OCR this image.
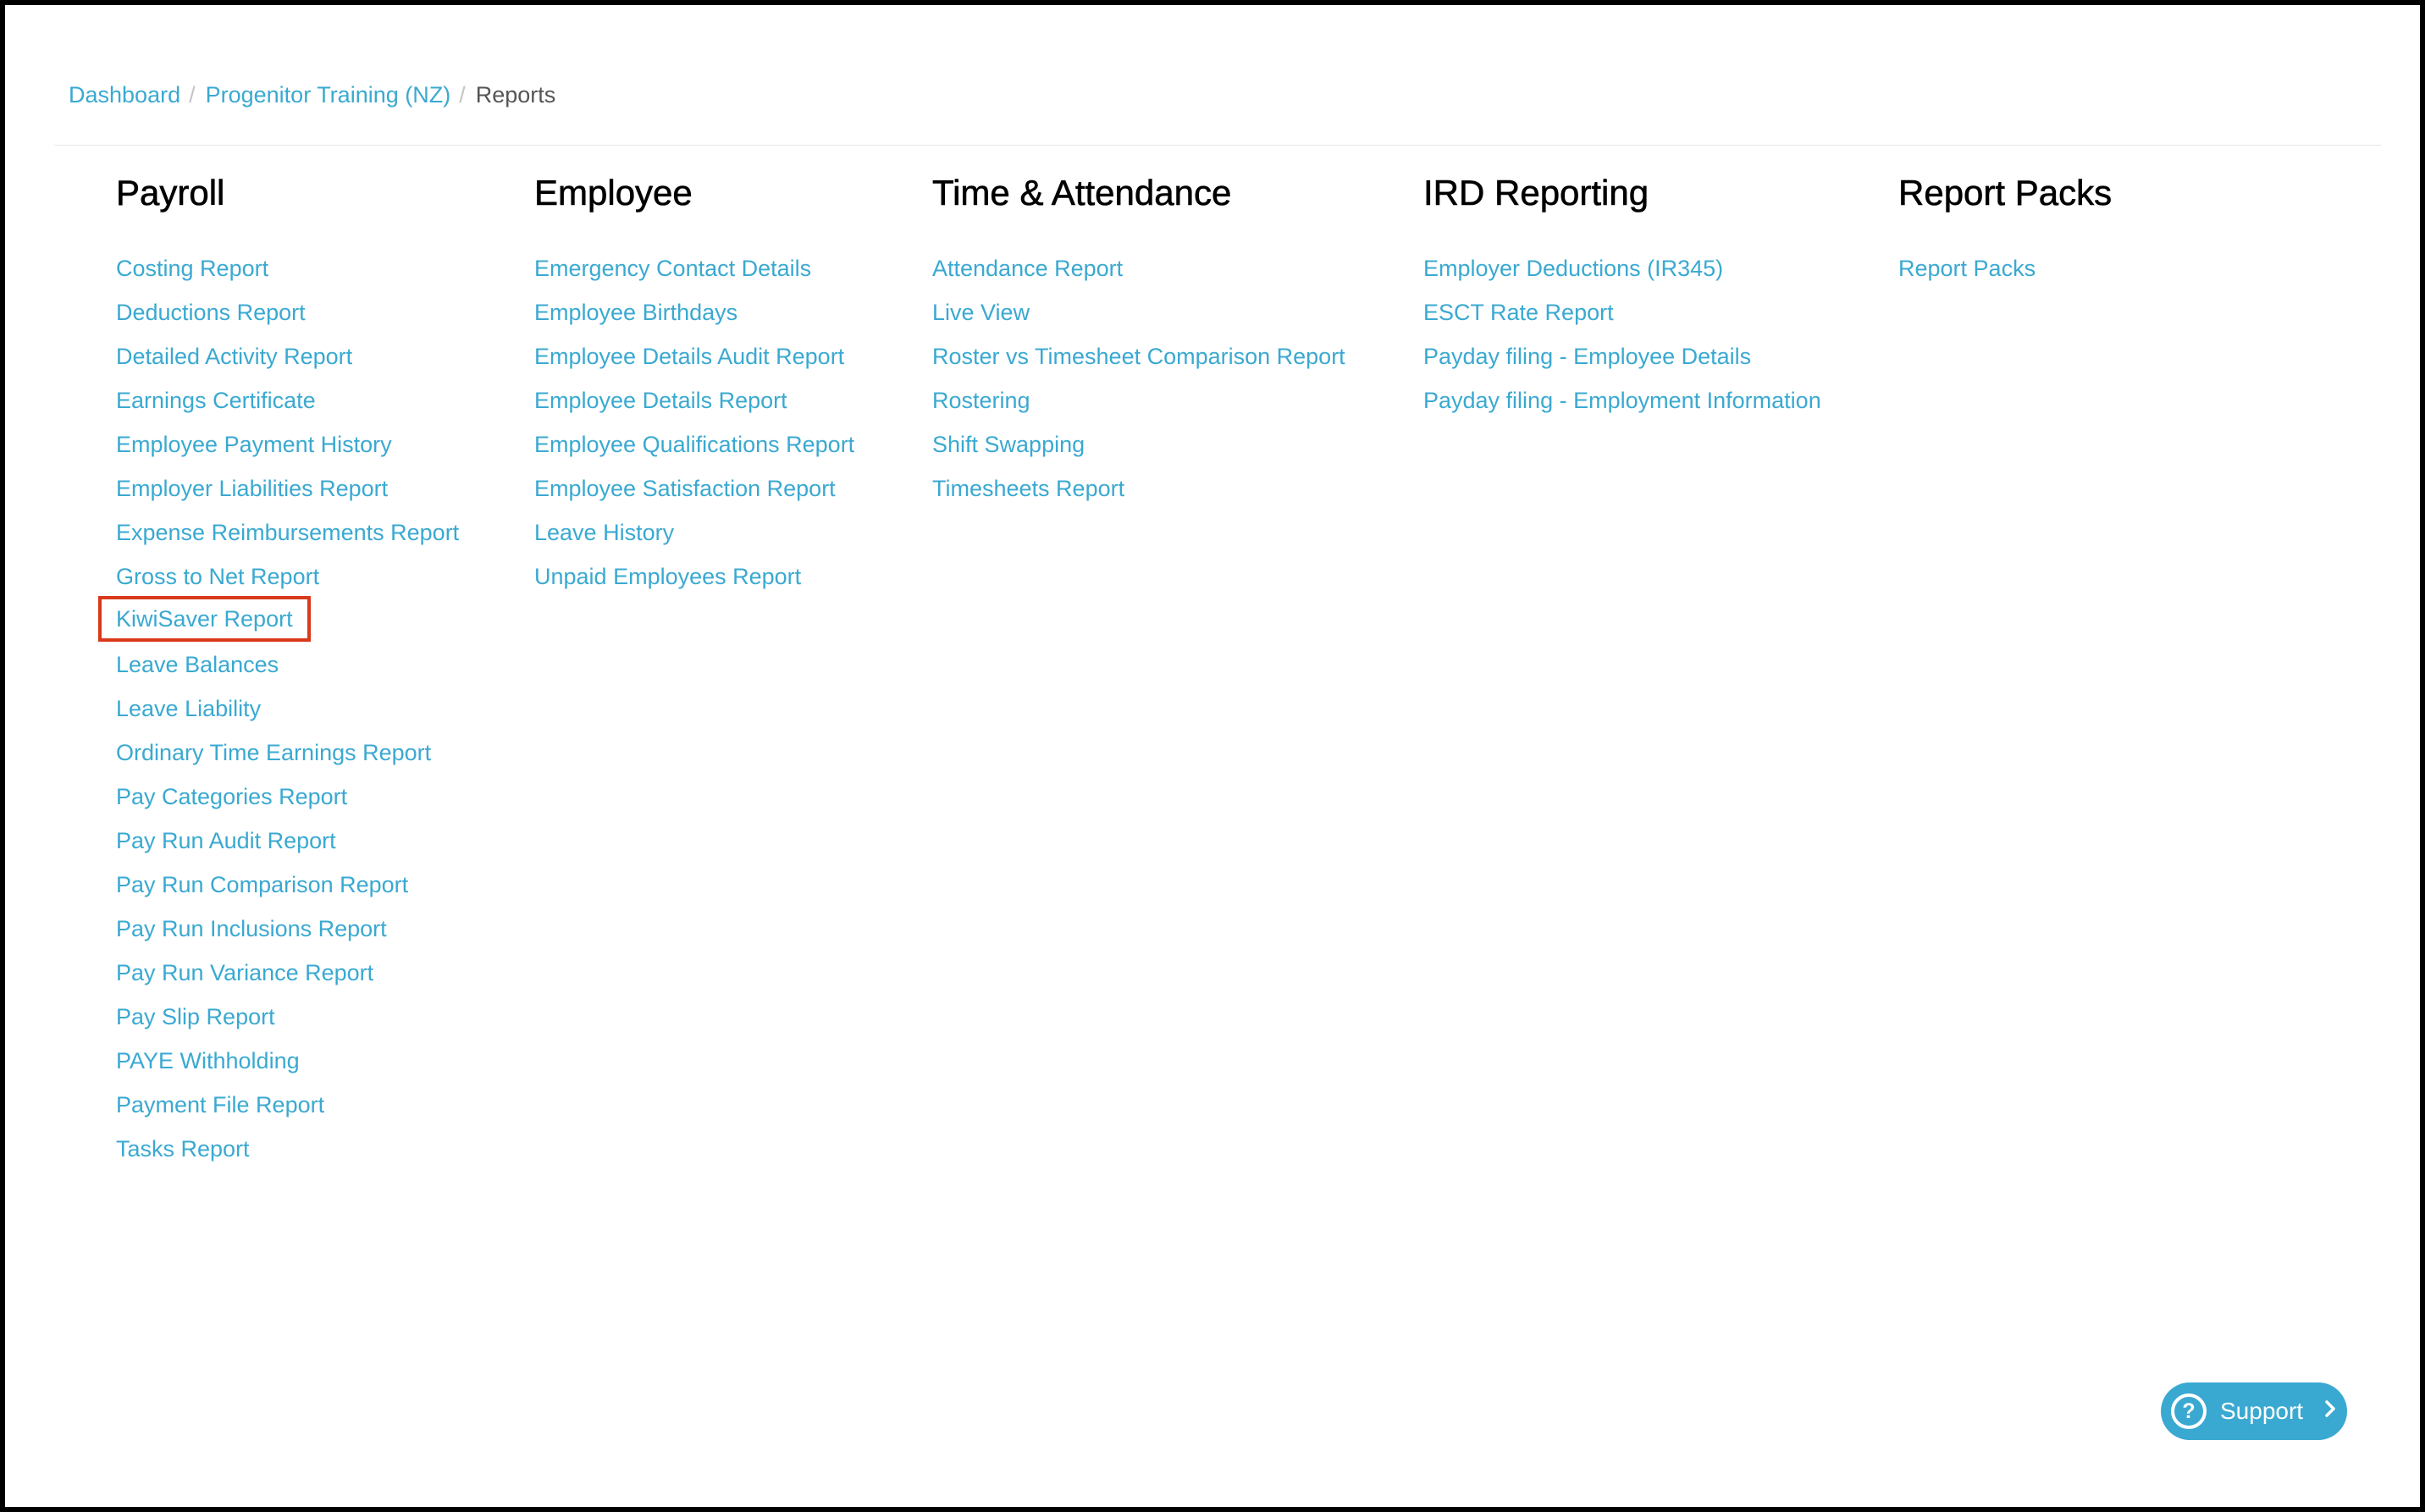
Dashboard / Progenitor Training (NZ) / Reports
Payroll
Costing Report
Deductions Report
Detailed Activity Report
Earnings Certificate
Employee Payment History
Employer Liabilities Report
Expense Reimbursements Report
Gross to Net Report
KiwiSaver Report
Leave Balances
Leave Liability
Ordinary Time Earnings Report
Pay Categories Report
Pay Run Audit Report
Pay Run Comparison Report
Pay Run Inclusions Report
Pay Run Variance Report
Pay Slip Report
PAYE Withholding
Payment File Report
Tasks Report
Employee
Emergency Contact Details
Employee Birthdays
Employee Details Audit Report
Employee Details Report
Employee Qualifications Report
Employee Satisfaction Report
Leave History
Unpaid Employees Report
Time & Attendance
Attendance Report
Live View
Roster vs Timesheet Comparison Report
Rostering
Shift Swapping
Timesheets Report
IRD Reporting
Employer Deductions (IR345)
ESCT Rate Report
Payday filing - Employee Details
Payday filing - Employment Information
Report Packs
Report Packs
?	Support
